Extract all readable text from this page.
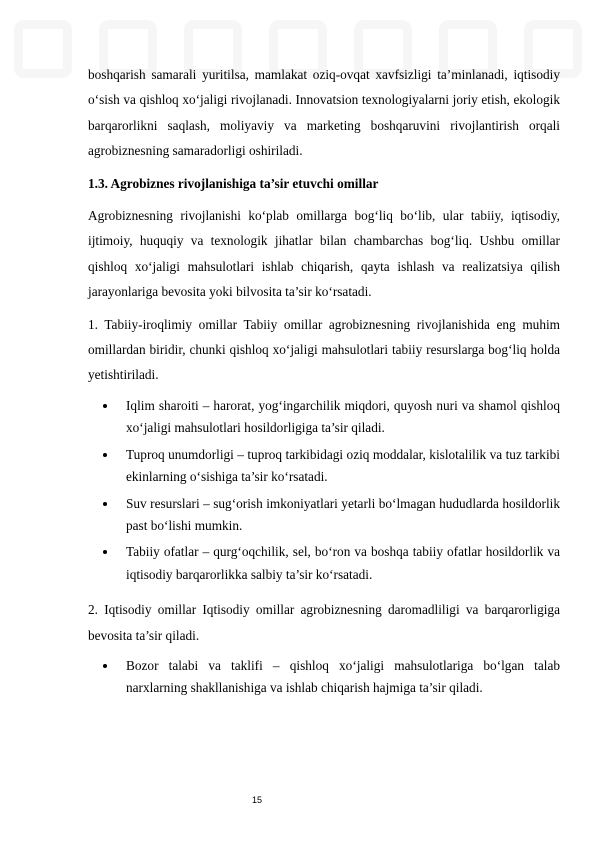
boshqarish samarali yuritilsa, mamlakat oziq-ovqat xavfsizligi ta’minlanadi, iqtisodiy o‘sish va qishloq xo‘jaligi rivojlanadi. Innovatsion texnologiyalarni joriy etish, ekologik barqarorlikni saqlash, moliyaviy va marketing boshqaruvini rivojlantirish orqali agrobiznesning samaradorligi oshiriladi.

1.3. Agrobiznes rivojlanishiga ta’sir etuvchi omillar

Agrobiznesning rivojlanishi ko‘plab omillarga bog‘liq bo‘lib, ular tabiiy, iqtisodiy, ijtimoiy, huquqiy va texnologik jihatlar bilan chambarchas bog‘liq. Ushbu omillar qishloq xo‘jaligi mahsulotlari ishlab chiqarish, qayta ishlash va realizatsiya qilish jarayonlariga bevosita yoki bilvosita ta’sir ko‘rsatadi.

1. Tabiiy-iroqlimiy omillar Tabiiy omillar agrobiznesning rivojlanishida eng muhim omillardan biridir, chunki qishloq xo‘jaligi mahsulotlari tabiiy resurslarga bog‘liq holda yetishtiriladi.

Iqlim sharoiti – harorat, yog‘ingarchilik miqdori, quyosh nuri va shamol qishloq xo‘jaligi mahsulotlari hosildorligiga ta’sir qiladi.
Tuproq unumdorligi – tuproq tarkibidagi oziq moddalar, kislotalilik va tuz tarkibi ekinlarning o‘sishiga ta’sir ko‘rsatadi.
Suv resurslari – sug‘orish imkoniyatlari yetarli bo‘lmagan hududlarda hosildorlik past bo‘lishi mumkin.
Tabiiy ofatlar – qurg‘oqchilik, sel, bo‘ron va boshqa tabiiy ofatlar hosildorlik va iqtisodiy barqarorlikka salbiy ta’sir ko‘rsatadi.

2. Iqtisodiy omillar Iqtisodiy omillar agrobiznesning daromadliligi va barqarorligiga bevosita ta’sir qiladi.

Bozor talabi va taklifi – qishloq xo‘jaligi mahsulotlariga bo‘lgan talab narxlarning shakllanishiga va ishlab chiqarish hajmiga ta’sir qiladi.
15
